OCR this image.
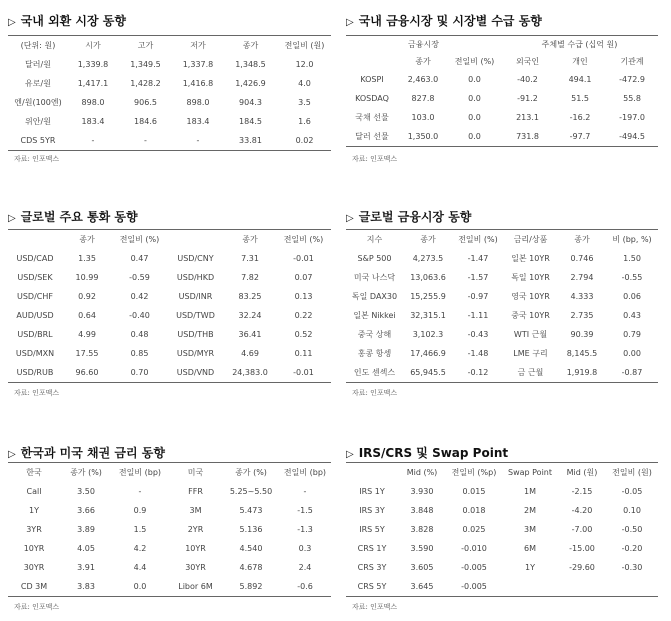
▷ 국내 외환 시장 동향
(단위: 원)	시가	고가	저가	종가	전일비 (원)
달러/원	1,339.8	1,349.5	1,337.8	1,348.5	12.0
유로/원	1,417.1	1,428.2	1,416.8	1,426.9	4.0
엔/원(100엔)	898.0	906.5	898.0	904.3	3.5
위안/원	183.4	184.6	183.4	184.5	1.6
CDS 5YR	-	-	-	33.81	0.02
자료: 인포맥스
▷ 국내 금융시장 및 시장별 수급 동향
금융시장			주체별 수급 (십억 원)		
	종가	전일비 (%)	외국인	개인	기관계
KOSPI	2,463.0	0.0	-40.2	494.1	-472.9
KOSDAQ	827.8	0.0	-91.2	51.5	55.8
국채 선물	103.0	0.0	213.1	-16.2	-197.0
달러 선물	1,350.0	0.0	731.8	-97.7	-494.5
자료: 인포맥스
▷ 글로벌 주요 통화 동향
	종가	전일비 (%)		종가	전일비 (%)
USD/CAD	1.35	0.47	USD/CNY	7.31	-0.01
USD/SEK	10.99	-0.59	USD/HKD	7.82	0.07
USD/CHF	0.92	0.42	USD/INR	83.25	0.13
AUD/USD	0.64	-0.40	USD/TWD	32.24	0.22
USD/BRL	4.99	0.48	USD/THB	36.41	0.52
USD/MXN	17.55	0.85	USD/MYR	4.69	0.11
USD/RUB	96.60	0.70	USD/VND	24,383.0	-0.01
자료: 인포맥스
▷ 글로벌 금융시장 동향
지수	종가	전일비 (%)	금리/상품	종가	비 (bp, %)
S&P 500	4,273.5	-1.47	일본 10YR	0.746	1.50
미국 나스닥	13,063.6	-1.57	독일 10YR	2.794	-0.55
독일 DAX30	15,255.9	-0.97	영국 10YR	4.333	0.06
일본 Nikkei	32,315.1	-1.11	중국 10YR	2.735	0.43
중국 상해	3,102.3	-0.43	WTI 근월	90.39	0.79
홍콩 항셍	17,466.9	-1.48	LME 구리	8,145.5	0.00
인도 센섹스	65,945.5	-0.12	금 근월	1,919.8	-0.87
자료: 인포맥스
▷ 한국과 미국 채권 금리 동향
한국	종가 (%)	전일비 (bp)	미국	종가 (%)	전일비 (bp)
Call	3.50	-	FFR	5.25~5.50	-
1Y	3.66	0.9	3M	5.473	-1.5
3YR	3.89	1.5	2YR	5.136	-1.3
10YR	4.05	4.2	10YR	4.540	0.3
30YR	3.91	4.4	30YR	4.678	2.4
CD 3M	3.83	0.0	Libor 6M	5.892	-0.6
자료: 인포맥스
▷ IRS/CRS 및 Swap Point
	Mid (%)	전일비 (%p)	Swap Point	Mid (원)	전일비 (원)
IRS 1Y	3.930	0.015	1M	-2.15	-0.05
IRS 3Y	3.848	0.018	2M	-4.20	0.10
IRS 5Y	3.828	0.025	3M	-7.00	-0.50
CRS 1Y	3.590	-0.010	6M	-15.00	-0.20
CRS 3Y	3.605	-0.005	1Y	-29.60	-0.30
CRS 5Y	3.645	-0.005			
자료: 인포맥스
